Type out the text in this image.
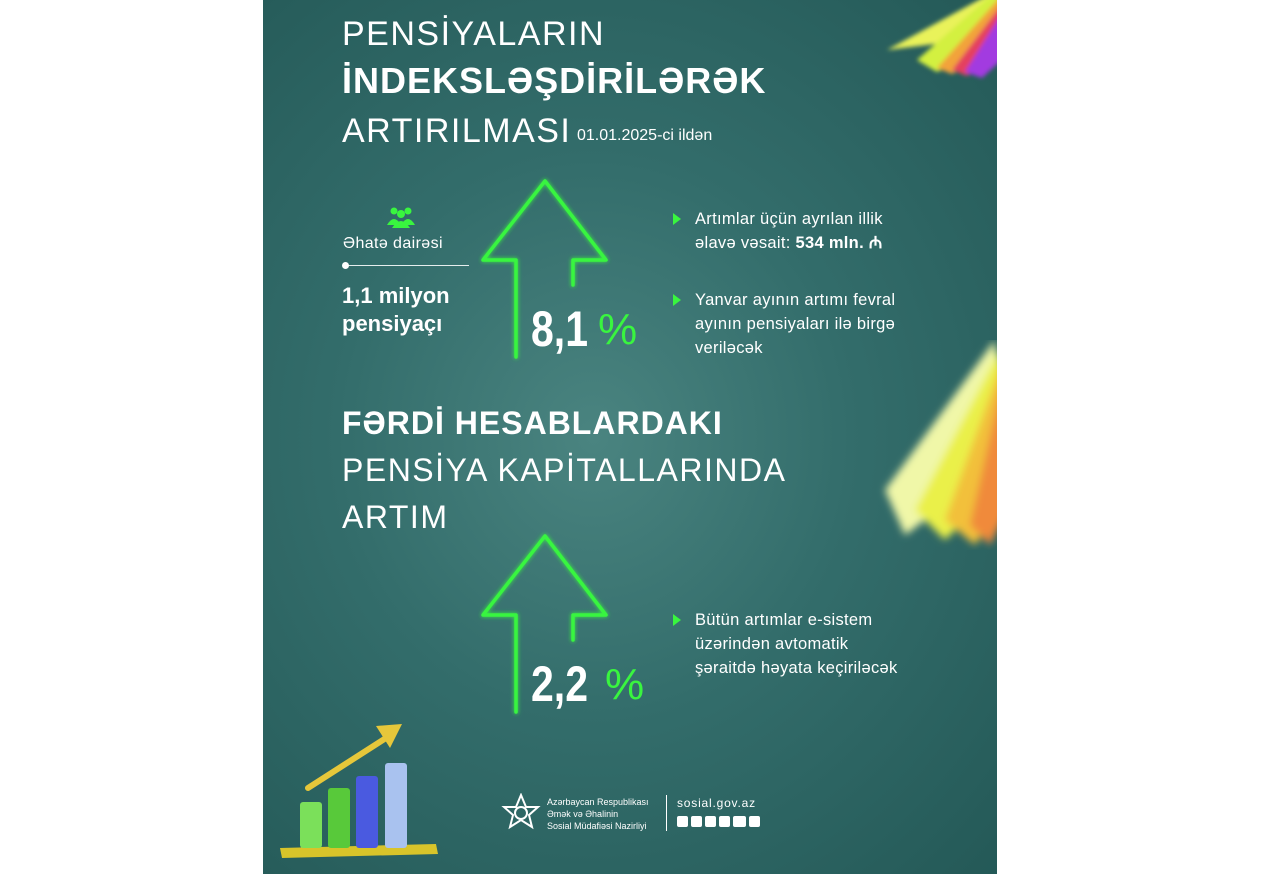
PENSİYALARIN
İNDEKSLƏŞDİRİLƏRƏK
ARTIRILMASI 01.01.2025-ci ildən
Əhatə dairəsi
1,1 milyon
pensiyaçı 8,1 %
Artımlar üçün ayrılan illik
əlavə vəsait: 534 mln. ₼
Yanvar ayının artımı fevral
ayının pensiyaları ilə birgə
veriləcək
FƏRDİ HESABLARDAKI
PENSİYA KAPİTALLARINDA
ARTIM
2,2 %
Bütün artımlar e-sistem
üzərindən avtomatik
şəraitdə həyata keçiriləcək
Azərbaycan Respublikası
Əmək və Əhalinin
Sosial Müdafiəsi Nazirliyi
sosial.gov.az
